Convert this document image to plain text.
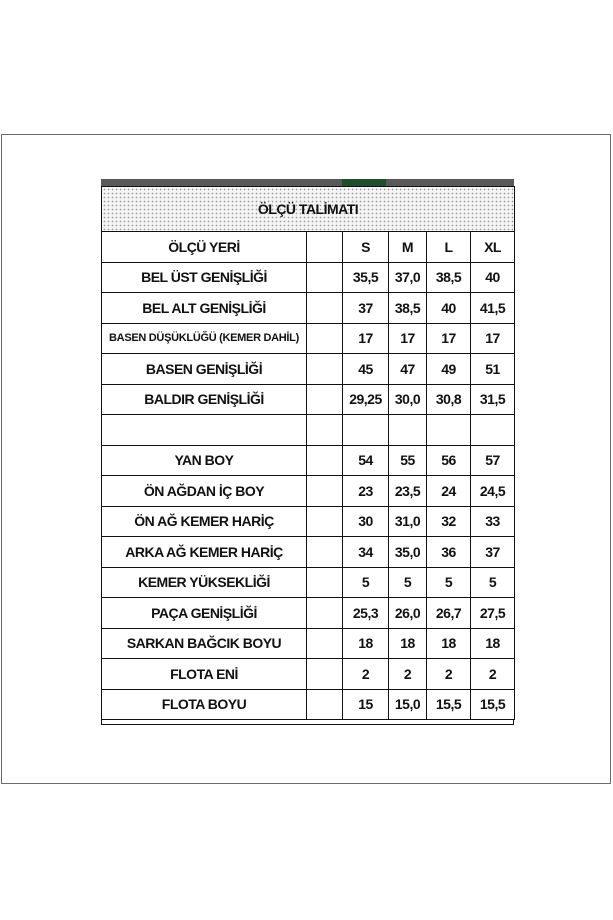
ÖLÇÜ TALİMATI					
ÖLÇÜ YERİ		S	M	L	XL
BEL ÜST GENİŞLİĞİ		35,5	37,0	38,5	40
BEL ALT GENİŞLİĞİ		37	38,5	40	41,5
BASEN DÜŞÜKLÜĞÜ (KEMER DAHİL)		17	17	17	17
BASEN GENİŞLİĞİ		45	47	49	51
BALDIR GENİŞLİĞİ		29,25	30,0	30,8	31,5

YAN BOY		54	55	56	57
ÖN AĞDAN İÇ BOY		23	23,5	24	24,5
ÖN AĞ KEMER HARİÇ		30	31,0	32	33
ARKA AĞ KEMER HARİÇ		34	35,0	36	37
KEMER YÜKSEKLİĞİ		5	5	5	5
PAÇA GENİŞLİĞİ		25,3	26,0	26,7	27,5
SARKAN BAĞCIK BOYU		18	18	18	18
FLOTA ENİ		2	2	2	2
FLOTA BOYU		15	15,0	15,5	15,5
